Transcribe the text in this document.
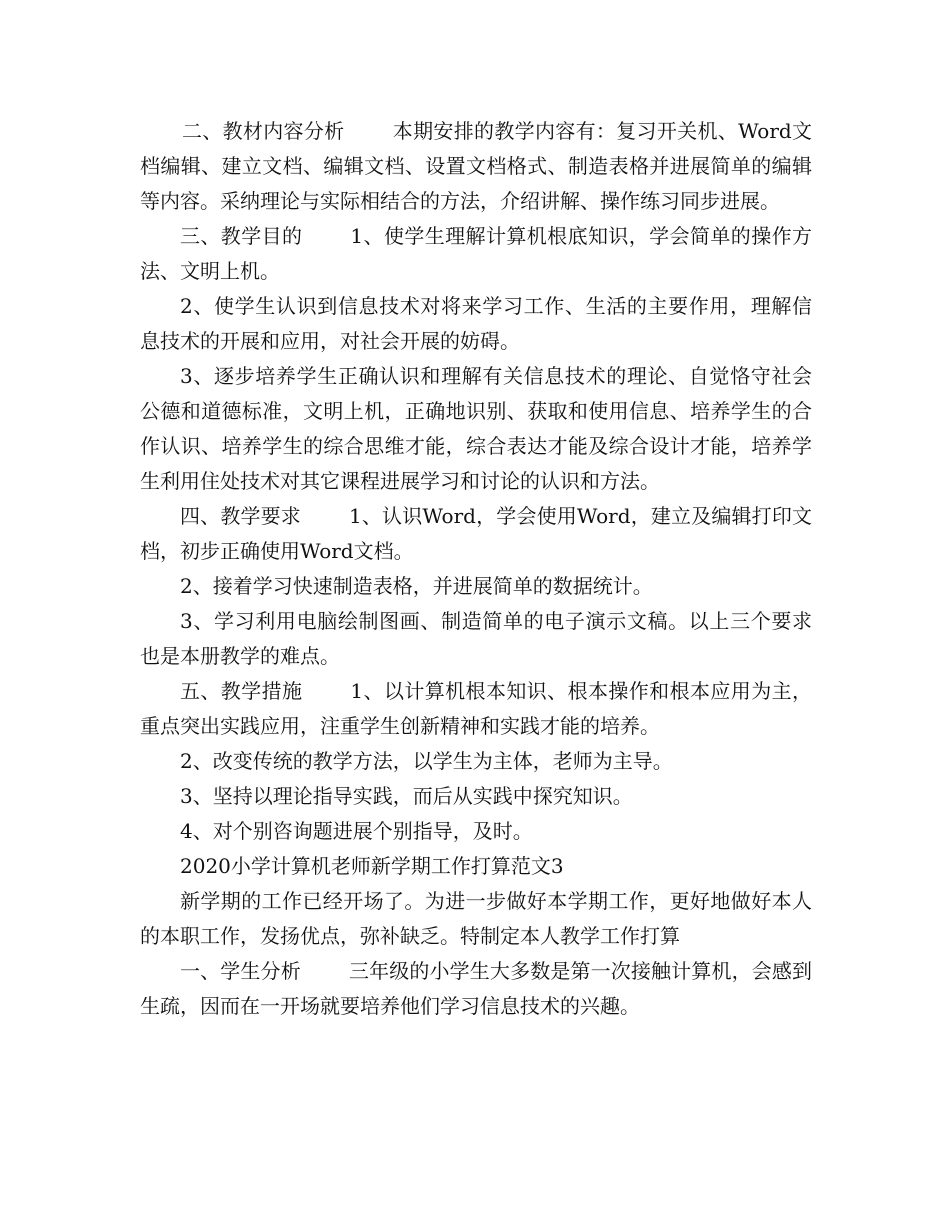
二、教材内容分析 本期安排的教学内容有：复习开关机、Word文档编辑、建立文档、编辑文档、设置文档格式、制造表格并进展简单的编辑等内容。采纳理论与实际相结合的方法，介绍讲解、操作练习同步进展。

三、教学目的 1、使学生理解计算机根底知识，学会简单的操作方法、文明上机。

2、使学生认识到信息技术对将来学习工作、生活的主要作用，理解信息技术的开展和应用，对社会开展的妨碍。

3、逐步培养学生正确认识和理解有关信息技术的理论、自觉恪守社会公德和道德标准，文明上机，正确地识别、获取和使用信息、培养学生的合作认识、培养学生的综合思维才能，综合表达才能及综合设计才能，培养学生利用住处技术对其它课程进展学习和讨论的认识和方法。

四、教学要求 1、认识Word，学会使用Word，建立及编辑打印文档，初步正确使用Word文档。

2、接着学习快速制造表格，并进展简单的数据统计。

3、学习利用电脑绘制图画、制造简单的电子演示文稿。以上三个要求也是本册教学的难点。

五、教学措施 1、以计算机根本知识、根本操作和根本应用为主，重点突出实践应用，注重学生创新精神和实践才能的培养。

2、改变传统的教学方法，以学生为主体，老师为主导。

3、坚持以理论指导实践，而后从实践中探究知识。

4、对个别咨询题进展个别指导，及时。

2020小学计算机老师新学期工作打算范文3

新学期的工作已经开场了。为进一步做好本学期工作，更好地做好本人的本职工作，发扬优点，弥补缺乏。特制定本人教学工作打算

一、学生分析 三年级的小学生大多数是第一次接触计算机，会感到生疏，因而在一开场就要培养他们学习信息技术的兴趣。
